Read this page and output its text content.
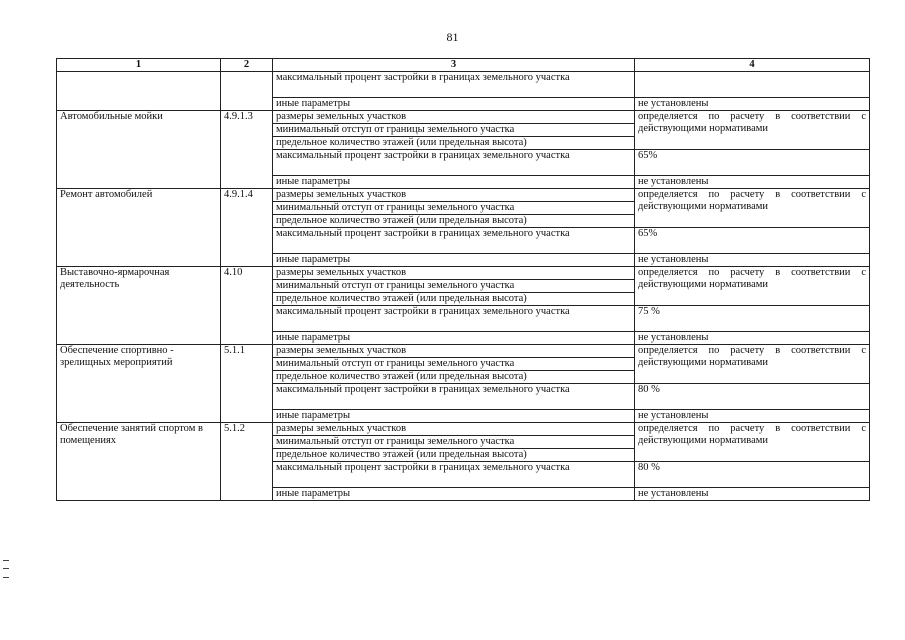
81
1	2	3	4
		максимальный процент застройки в границах земельного участка	
		иные параметры	не установлены
Автомобильные мойки	4.9.1.3	размеры земельных участков	определяется по расчету в соответствии с действующими нормативами
		минимальный отступ от границы земельного участка	
		предельное количество этажей (или предельная высота)	
		максимальный процент застройки в границах земельного участка	65%
		иные параметры	не установлены
Ремонт автомобилей	4.9.1.4	размеры земельных участков	определяется по расчету в соответствии с действующими нормативами
		минимальный отступ от границы земельного участка	
		предельное количество этажей (или предельная высота)	
		максимальный процент застройки в границах земельного участка	65%
		иные параметры	не установлены
Выставочно-ярмарочная деятельность	4.10	размеры земельных участков	определяется по расчету в соответствии с действующими нормативами
		минимальный отступ от границы земельного участка	
		предельное количество этажей (или предельная высота)	
		максимальный процент застройки в границах земельного участка	75 %
		иные параметры	не установлены
Обеспечение спортивно - зрелищных мероприятий	5.1.1	размеры земельных участков	определяется по расчету в соответствии с действующими нормативами
		минимальный отступ от границы земельного участка	
		предельное количество этажей (или предельная высота)	
		максимальный процент застройки в границах земельного участка	80 %
		иные параметры	не установлены
Обеспечение занятий спортом в помещениях	5.1.2	размеры земельных участков	определяется по расчету в соответствии с действующими нормативами
		минимальный отступ от границы земельного участка	
		предельное количество этажей (или предельная высота)	
		максимальный процент застройки в границах земельного участка	80 %
		иные параметры	не установлены
